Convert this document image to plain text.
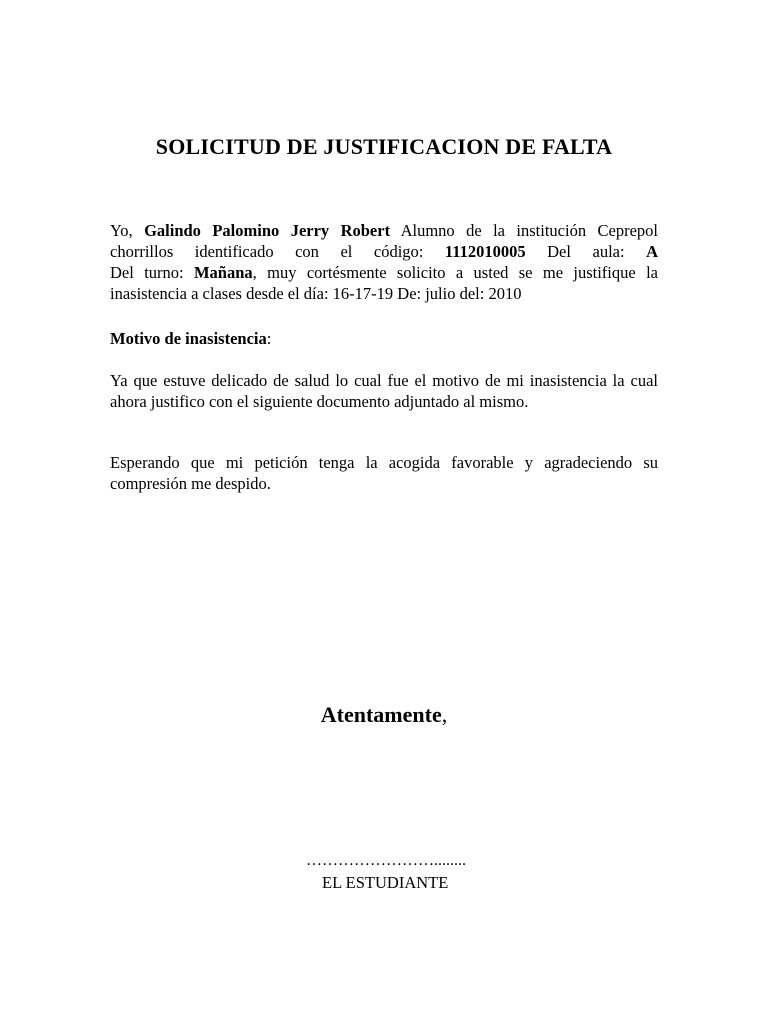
SOLICITUD DE JUSTIFICACION DE FALTA

Yo, Galindo Palomino Jerry Robert Alumno de la institución Ceprepol
chorrillos identificado con el código: 1112010005 Del aula: A
Del turno: Mañana, muy cortésmente solicito a usted se me justifique la
inasistencia a clases desde el día: 16-17-19 De: julio del: 2010

Motivo de inasistencia:

Ya que estuve delicado de salud lo cual fue el motivo de mi inasistencia la cual ahora justifico con el siguiente documento adjuntado al mismo.

Esperando que mi petición tenga la acogida favorable y agradeciendo su compresión me despido.

Atentamente,

……………………........

EL ESTUDIANTE
